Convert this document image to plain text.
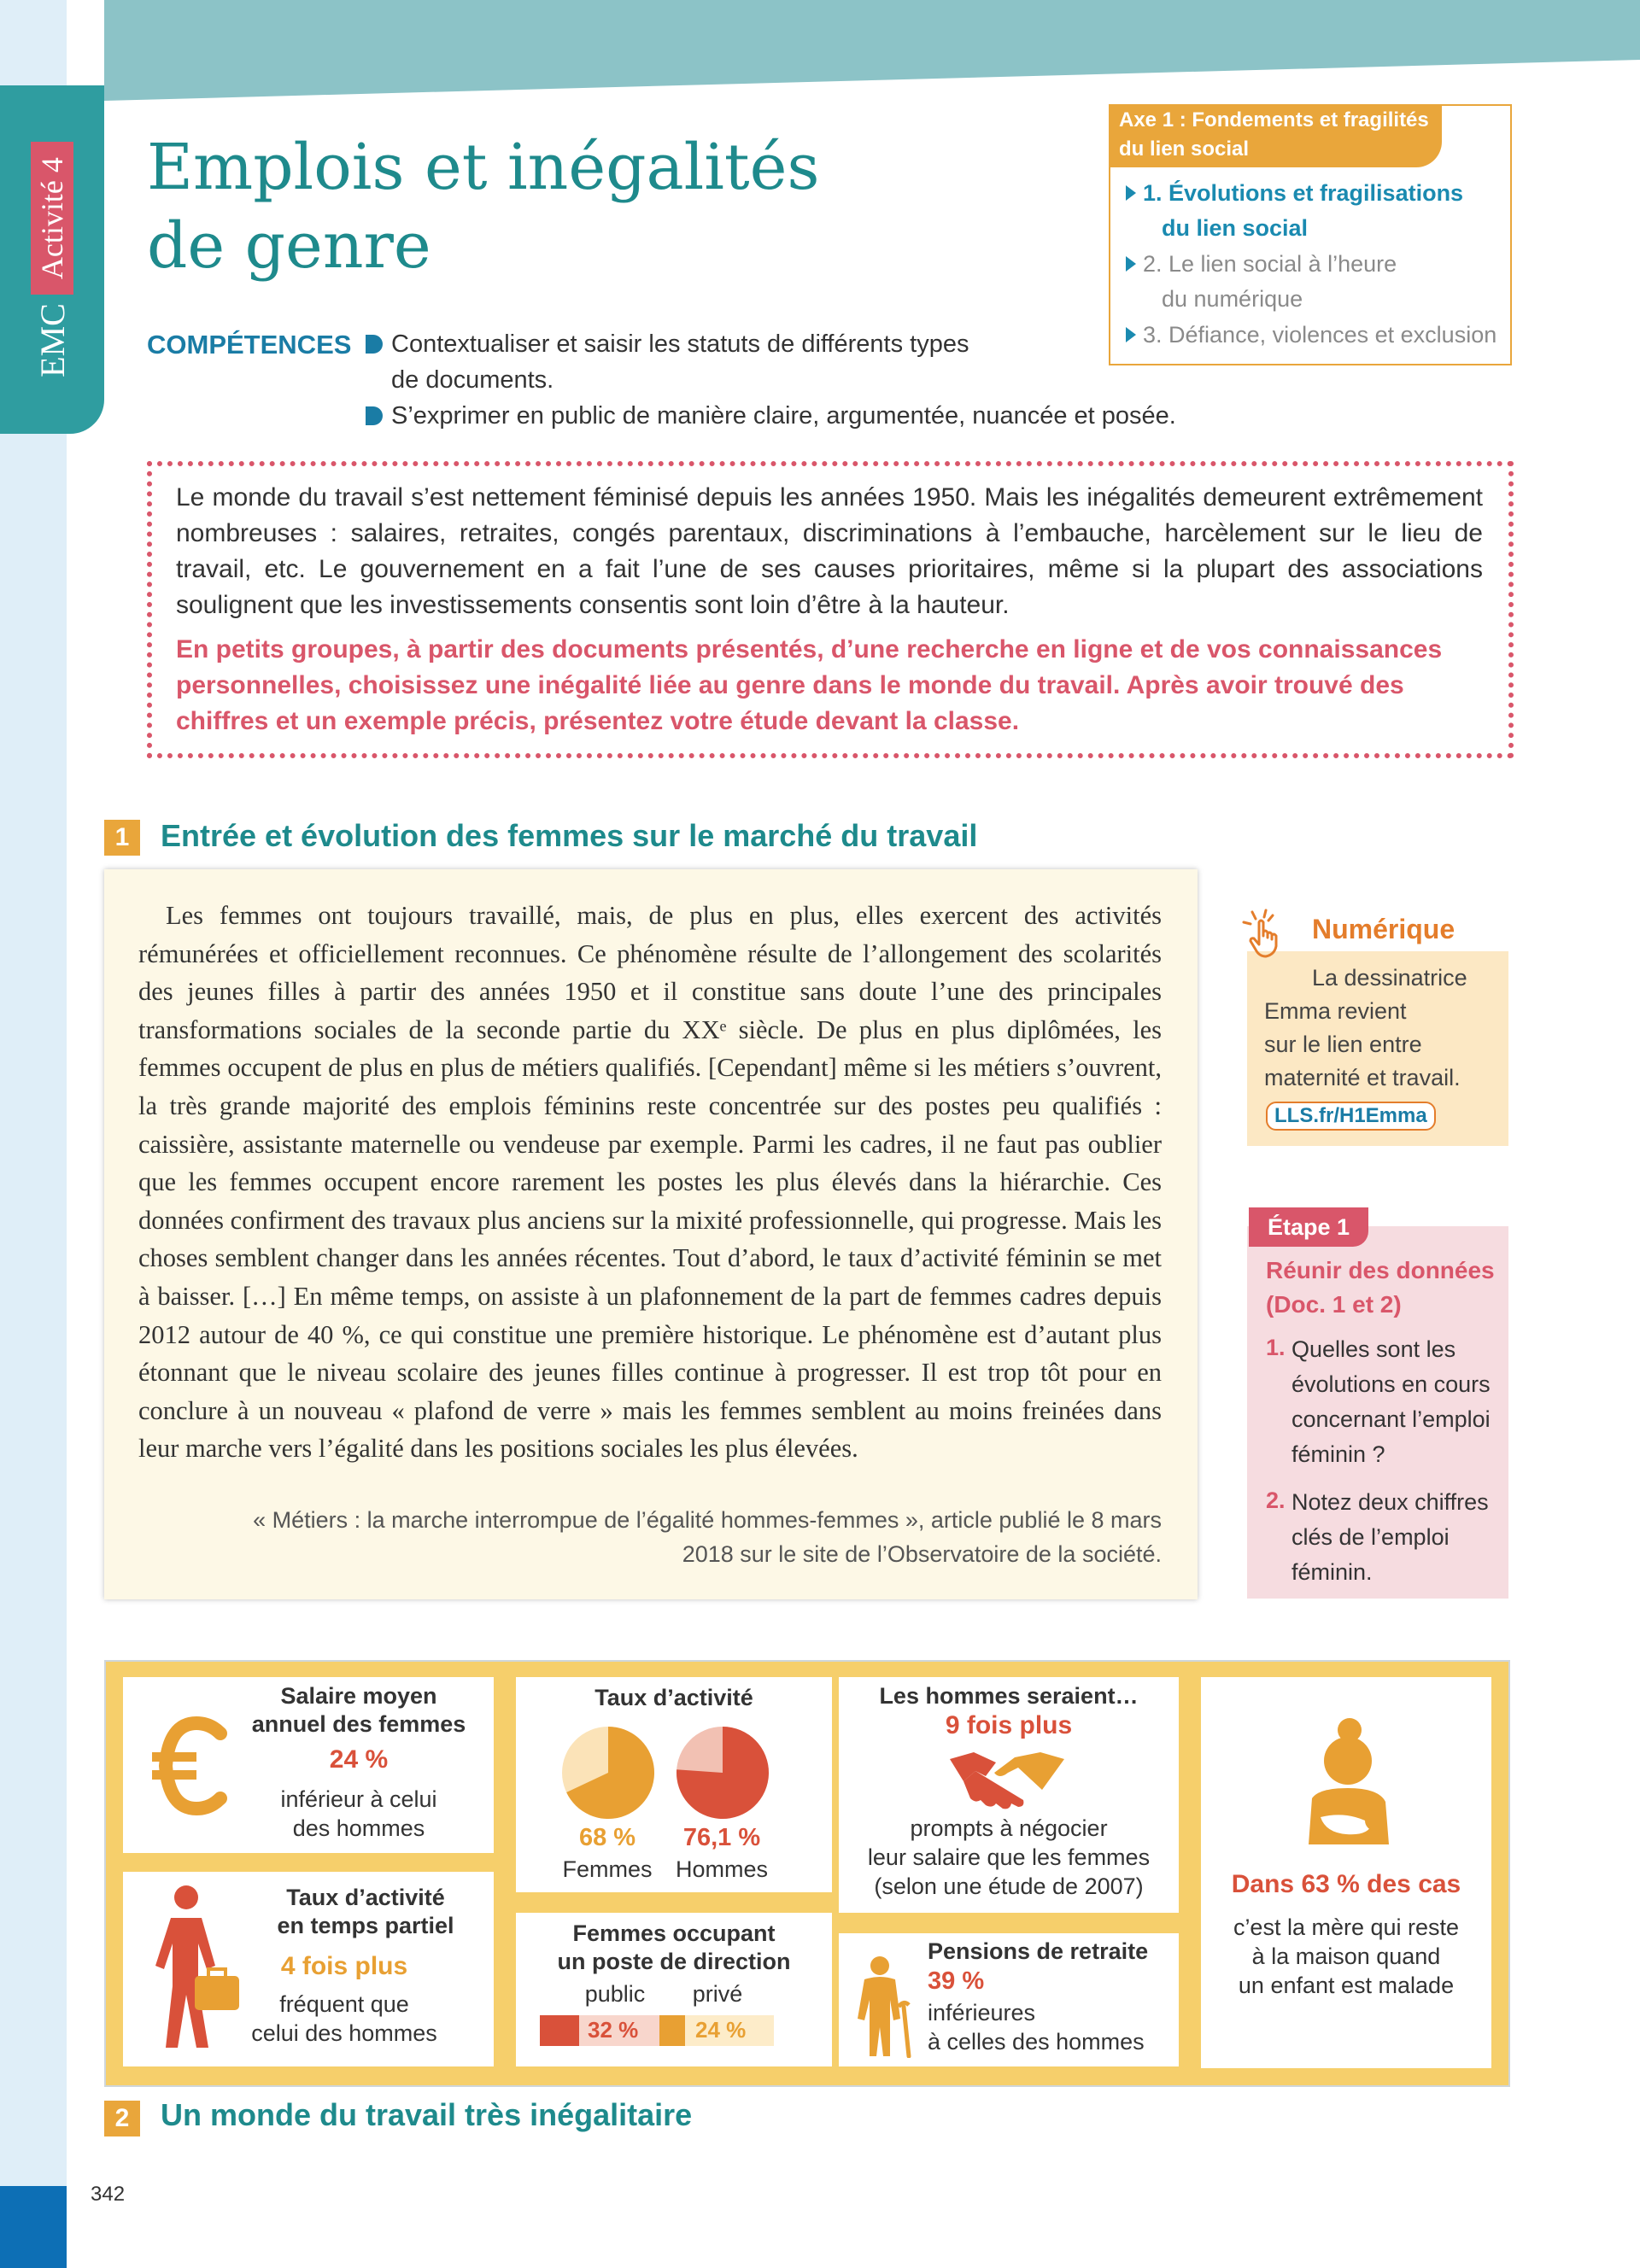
EMC
Activité 4 Emplois et inégalités
de genre
COMPÉTENCES	Contextualiser et saisir les statuts de différents types
de documents.
S’exprimer en public de manière claire, argumentée, nuancée et posée.
Axe 1 : Fondements et fragilités
du lien social
1. Évolutions et fragilisations
du lien social
2. Le lien social à l’heure
du numérique
3. Défiance, violences et exclusion
Le monde du travail s’est nettement féminisé depuis les années 1950. Mais les inégalités demeurent extrêmement nombreuses : salaires, retraites, congés parentaux, discriminations à l’embauche, harcèlement sur le lieu de travail, etc. Le gouvernement en a fait l’une de ses causes prioritaires, même si la plupart des associations soulignent que les investissements consentis sont loin d’être à la hauteur.
En petits groupes, à partir des documents présentés, d’une recherche en ligne et de vos connaissances personnelles, choisissez une inégalité liée au genre dans le monde du travail. Après avoir trouvé des chiffres et un exemple précis, présentez votre étude devant la classe.
1	Entrée et évolution des femmes sur le marché du travail
Les femmes ont toujours travaillé, mais, de plus en plus, elles exercent des activités rémunérées et officiellement reconnues. Ce phénomène résulte de l’allongement des scolarités des jeunes filles à partir des années 1950 et il constitue sans doute l’une des principales transformations sociales de la seconde partie du XXᵉ siècle. De plus en plus diplômées, les femmes occupent de plus en plus de métiers qualifiés. [Cependant] même si les métiers s’ouvrent, la très grande majorité des emplois féminins reste concentrée sur des postes peu qualifiés : caissière, assistante maternelle ou vendeuse par exemple. Parmi les cadres, il ne faut pas oublier que les femmes occupent encore rarement les postes les plus élevés dans la hiérarchie. Ces données confirment des travaux plus anciens sur la mixité professionnelle, qui progresse. Mais les choses semblent changer dans les années récentes. Tout d’abord, le taux d’activité féminin se met à baisser. […] En même temps, on assiste à un plafonnement de la part de femmes cadres depuis 2012 autour de 40 %, ce qui constitue une première historique. Le phénomène est d’autant plus étonnant que le niveau scolaire des jeunes filles continue à progresser. Il est trop tôt pour en conclure à un nouveau « plafond de verre » mais les femmes semblent au moins freinées dans leur marche vers l’égalité dans les positions sociales les plus élevées.
« Métiers : la marche interrompue de l’égalité hommes-femmes », article publié le 8 mars
2018 sur le site de l’Observatoire de la société.
Numérique
La dessinatrice
Emma revient
sur le lien entre
maternité et travail.
LLS.fr/H1Emma
Étape 1
Réunir des données
(Doc. 1 et 2)
1. Quelles sont les évolutions en cours concernant l’emploi féminin ?
2. Notez deux chiffres clés de l’emploi féminin.
Salaire moyen
annuel des femmes
24 %
inférieur à celui
des hommes
Taux d’activité
68 %	76,1 %
Femmes	Hommes
Les hommes seraient…
9 fois plus
prompts à négocier
leur salaire que les femmes
(selon une étude de 2007)	Dans 63 % des cas
c’est la mère qui reste
à la maison quand
un enfant est malade
Taux d’activité
en temps partiel
4 fois plus
fréquent que
celui des hommes
Femmes occupant
un poste de direction
public	privé
32 %	24 %
Pensions de retraite
39 %
inférieures
à celles des hommes
2	Un monde du travail très inégalitaire
342
